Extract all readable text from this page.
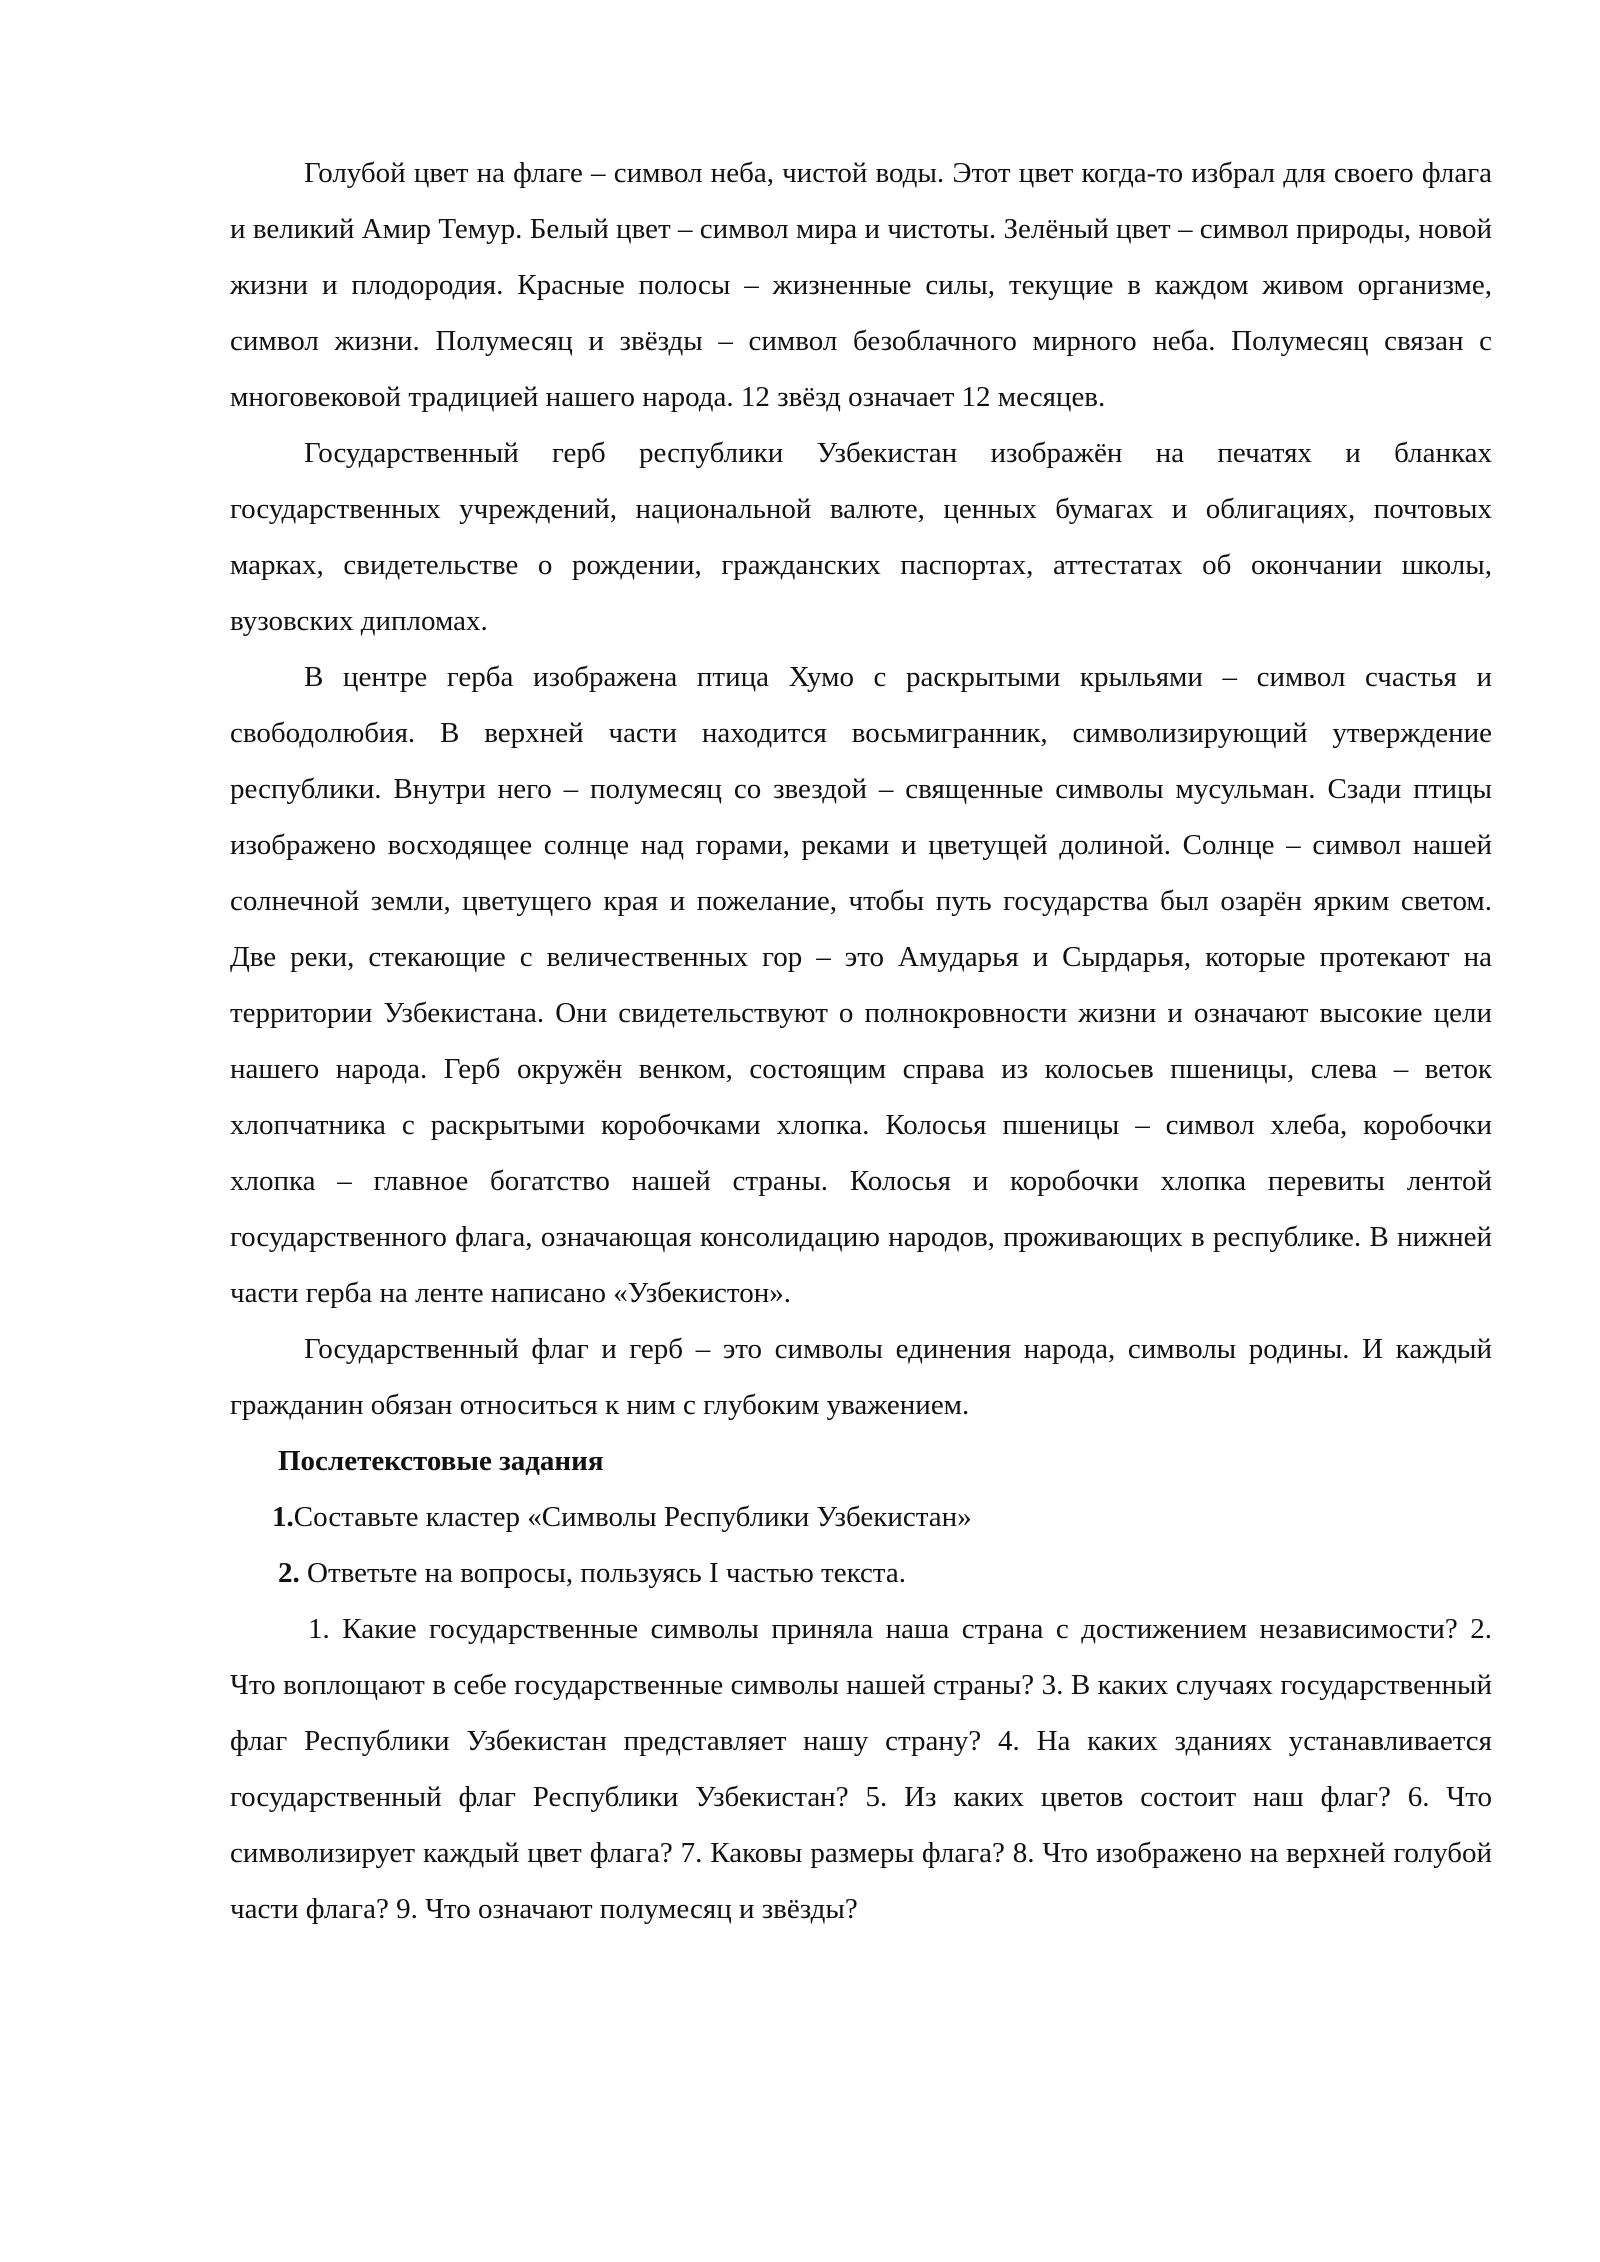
Голубой цвет на флаге – символ неба, чистой воды. Этот цвет когда-то избрал для своего флага и великий Амир Темур. Белый цвет – символ мира и чистоты. Зелёный цвет – символ природы, новой жизни и плодородия. Красные полосы – жизненные силы, текущие в каждом живом организме, символ жизни. Полумесяц и звёзды – символ безоблачного мирного неба. Полумесяц связан с многовековой традицией нашего народа. 12 звёзд означает 12 месяцев.

Государственный герб республики Узбекистан изображён на печатях и бланках государственных учреждений, национальной валюте, ценных бумагах и облигациях, почтовых марках, свидетельстве о рождении, гражданских паспортах, аттестатах об окончании школы, вузовских дипломах.

В центре герба изображена птица Хумо с раскрытыми крыльями – символ счастья и свободолюбия. В верхней части находится восьмигранник, символизирующий утверждение республики. Внутри него – полумесяц со звездой – священные символы мусульман. Сзади птицы изображено восходящее солнце над горами, реками и цветущей долиной. Солнце – символ нашей солнечной земли, цветущего края и пожелание, чтобы путь государства был озарён ярким светом. Две реки, стекающие с величественных гор – это Амударья и Сырдарья, которые протекают на территории Узбекистана. Они свидетельствуют о полнокровности жизни и означают высокие цели нашего народа. Герб окружён венком, состоящим справа из колосьев пшеницы, слева – веток хлопчатника с раскрытыми коробочками хлопка. Колосья пшеницы – символ хлеба, коробочки хлопка – главное богатство нашей страны. Колосья и коробочки хлопка перевиты лентой государственного флага, означающая консолидацию народов, проживающих в республике. В нижней части герба на ленте написано «Узбекистон».

Государственный флаг и герб – это символы единения народа, символы родины. И каждый гражданин обязан относиться к ним с глубоким уважением.

Послетекстовые задания

1.Составьте кластер «Символы Республики Узбекистан»

2. Ответьте на вопросы, пользуясь I частью текста.

1. Какие государственные символы приняла наша страна с достижением независимости? 2. Что воплощают в себе государственные символы нашей страны? 3. В каких случаях государственный флаг Республики Узбекистан представляет нашу страну? 4. На каких зданиях устанавливается государственный флаг Республики Узбекистан? 5. Из каких цветов состоит наш флаг? 6. Что символизирует каждый цвет флага? 7. Каковы размеры флага? 8. Что изображено на верхней голубой части флага? 9. Что означают полумесяц и звёзды?
